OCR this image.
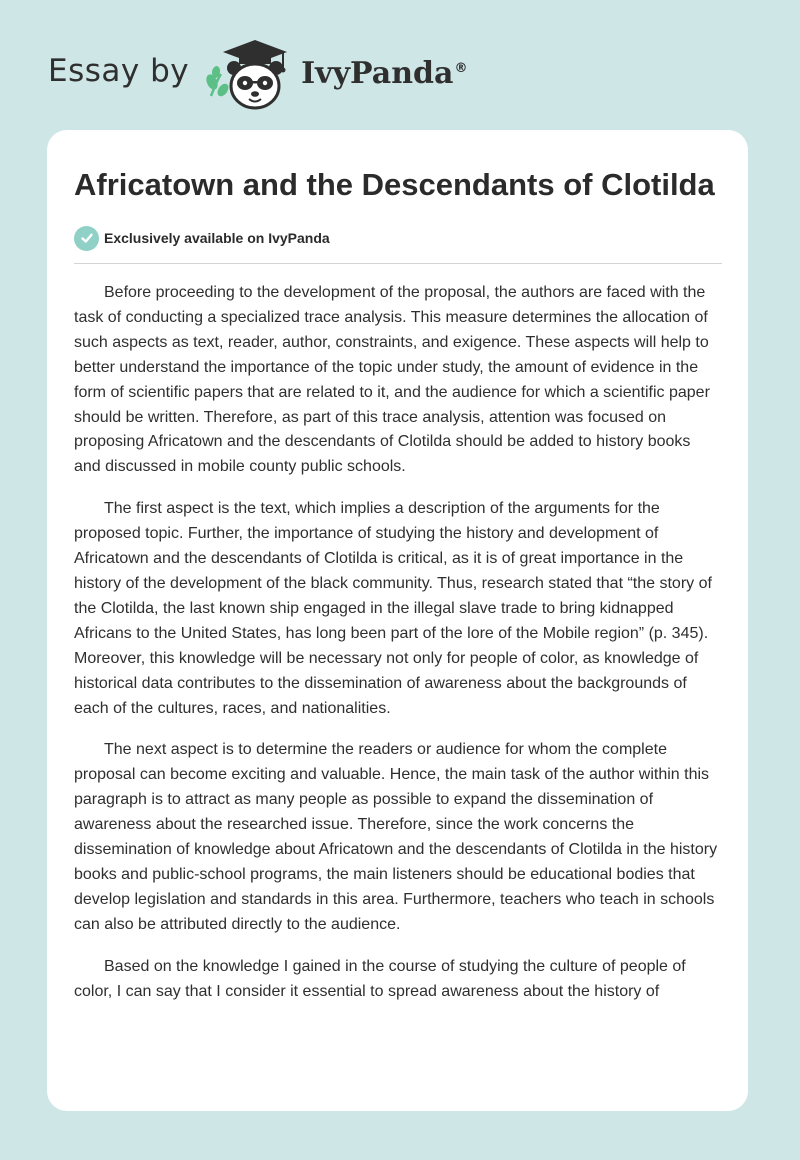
Essay by	IvyPanda®
Africatown and the Descendants of Clotilda
Exclusively available on IvyPanda

Before proceeding to the development of the proposal, the authors are faced with the task of conducting a specialized trace analysis. This measure determines the allocation of such aspects as text, reader, author, constraints, and exigence. These aspects will help to better understand the importance of the topic under study, the amount of evidence in the form of scientific papers that are related to it, and the audience for which a scientific paper should be written. Therefore, as part of this trace analysis, attention was focused on proposing Africatown and the descendants of Clotilda should be added to history books and discussed in mobile county public schools.

The first aspect is the text, which implies a description of the arguments for the proposed topic. Further, the importance of studying the history and development of Africatown and the descendants of Clotilda is critical, as it is of great importance in the history of the development of the black community. Thus, research stated that “the story of the Clotilda, the last known ship engaged in the illegal slave trade to bring kidnapped Africans to the United States, has long been part of the lore of the Mobile region” (p. 345). Moreover, this knowledge will be necessary not only for people of color, as knowledge of historical data contributes to the dissemination of awareness about the backgrounds of each of the cultures, races, and nationalities.

The next aspect is to determine the readers or audience for whom the complete proposal can become exciting and valuable. Hence, the main task of the author within this paragraph is to attract as many people as possible to expand the dissemination of awareness about the researched issue. Therefore, since the work concerns the dissemination of knowledge about Africatown and the descendants of Clotilda in the history books and public-school programs, the main listeners should be educational bodies that develop legislation and standards in this area. Furthermore, teachers who teach in schools can also be attributed directly to the audience.

Based on the knowledge I gained in the course of studying the culture of people of color, I can say that I consider it essential to spread awareness about the history of
